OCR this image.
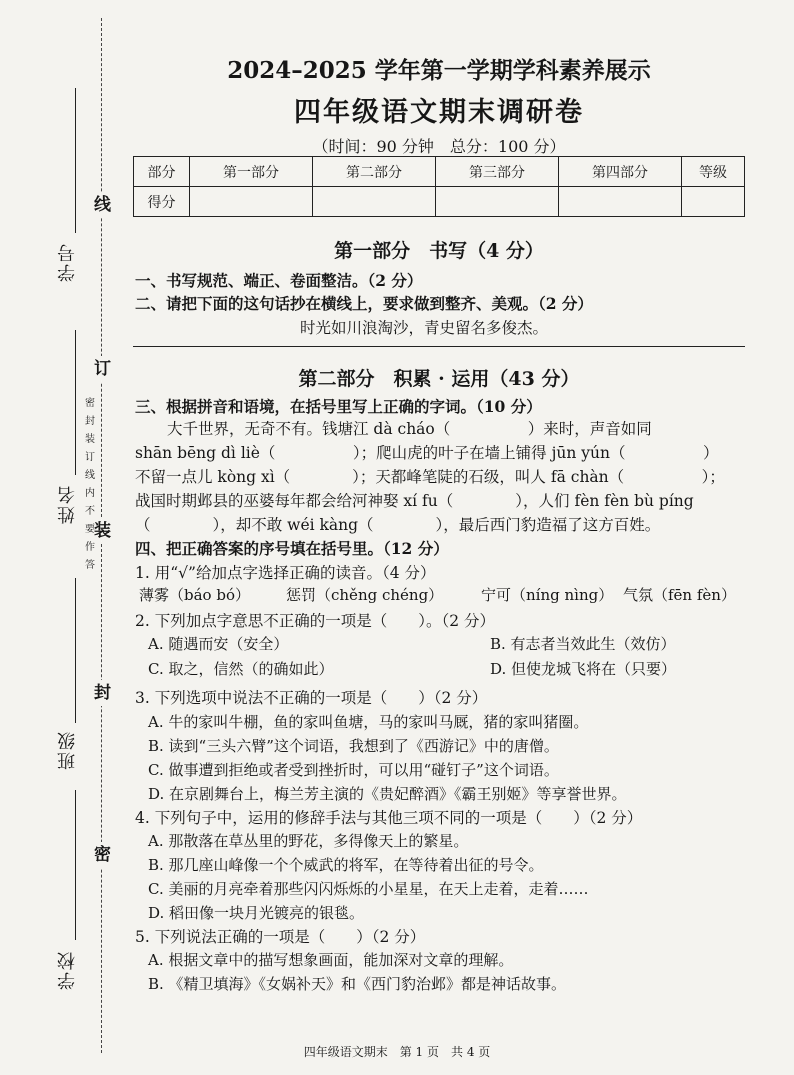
线
订
装
封
密
学号
姓名
班级
学校
密封装订线内不要作答
2024–2025 学年第一学期学科素养展示
四年级语文期末调研卷
（时间：90 分钟　总分：100 分）
部分	第一部分	第二部分	第三部分	第四部分	等级
得分					
第一部分　书写（4 分）
一、书写规范、端正、卷面整洁。（2 分）
二、请把下面的这句话抄在横线上，要求做到整齐、美观。（2 分）
时光如川浪淘沙，青史留名多俊杰。
第二部分　积累 · 运用（43 分）
三、根据拼音和语境，在括号里写上正确的字词。（10 分）
大千世界，无奇不有。钱塘江 dà cháo（　　　　　）来时，声音如同
shān bēng dì liè（　　　　　）；爬山虎的叶子在墙上铺得 jūn yún（　　　　　）
不留一点儿 kòng xì（　　　　）；天都峰笔陡的石级，叫人 fā chàn（　　　　　）；
战国时期邺县的巫婆每年都会给河神娶 xí fu（　　　　），人们 fèn fèn bù píng
（　　　　），却不敢 wéi kàng（　　　　），最后西门豹造福了这方百姓。
四、把正确答案的序号填在括号里。（12 分）
1. 用“√”给加点字选择正确的读音。（4 分）
薄雾（báo bó） 惩罚（chěng chéng）	宁可（níng nìng） 气氛（fēn fèn）
2. 下列加点字意思不正确的一项是（　　）。（2 分）
A. 随遇而安（安全）	B. 有志者当效此生（效仿）
C. 取之，信然（的确如此）	D. 但使龙城飞将在（只要）
3. 下列选项中说法不正确的一项是（　　）（2 分）
A. 牛的家叫牛棚，鱼的家叫鱼塘，马的家叫马厩，猪的家叫猪圈。
B. 读到“三头六臂”这个词语，我想到了《西游记》中的唐僧。
C. 做事遭到拒绝或者受到挫折时，可以用“碰钉子”这个词语。
D. 在京剧舞台上，梅兰芳主演的《贵妃醉酒》《霸王别姬》等享誉世界。
4. 下列句子中，运用的修辞手法与其他三项不同的一项是（　　）（2 分）
A. 那散落在草丛里的野花，多得像天上的繁星。
B. 那几座山峰像一个个威武的将军，在等待着出征的号令。
C. 美丽的月亮牵着那些闪闪烁烁的小星星，在天上走着，走着……
D. 稻田像一块月光镀亮的银毯。
5. 下列说法正确的一项是（　　）（2 分）
A. 根据文章中的描写想象画面，能加深对文章的理解。
B. 《精卫填海》《女娲补天》和《西门豹治邺》都是神话故事。
四年级语文期末　第 1 页　共 4 页
